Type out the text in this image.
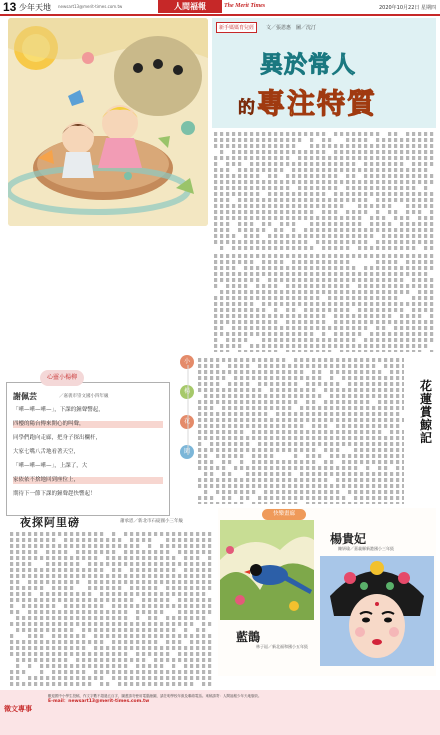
13 少年天地 newsart13@merit-times.com.tw	人間福報	The Merit Times	2020年10月22日 星期四
新手媽媽育兒經	文／張恩惠　圖／沈汀
異於常人
的專注特質
謝佩芸	／嘉義市崇文國小四年級
「嘩—嘩—嘩—」，下課的鐘聲響起，
四樓的陽台傳來開心的叫聲，
同學們跑向走廊，把身子探出欄杆，
大家七嘴八舌地看著天空，
「嘩—嘩—嘩—」，上課了，大
家依依不捨地回到座位上，
期待下一節下課的鐘聲趕快響起！
心靈小楊柳
小
楊
花
園
夜探阿里磅	蕭承恩／新北市石碇國小三年級
花蓮賞鯨記
快樂畫廊
藍鵲
林子崧／新北福和國小五年級
楊貴妃
陳妍瑜／嘉義縣新港國小三年級
徵文專事
歡迎國中小學生投稿，作文字數不超過五百字，圖畫請勿使用電腦繪圖，請註明學校年級及聯絡電話。來稿請寄：人間福報少年天地版收。
E-mail：newsart13@merit-times.com.tw
